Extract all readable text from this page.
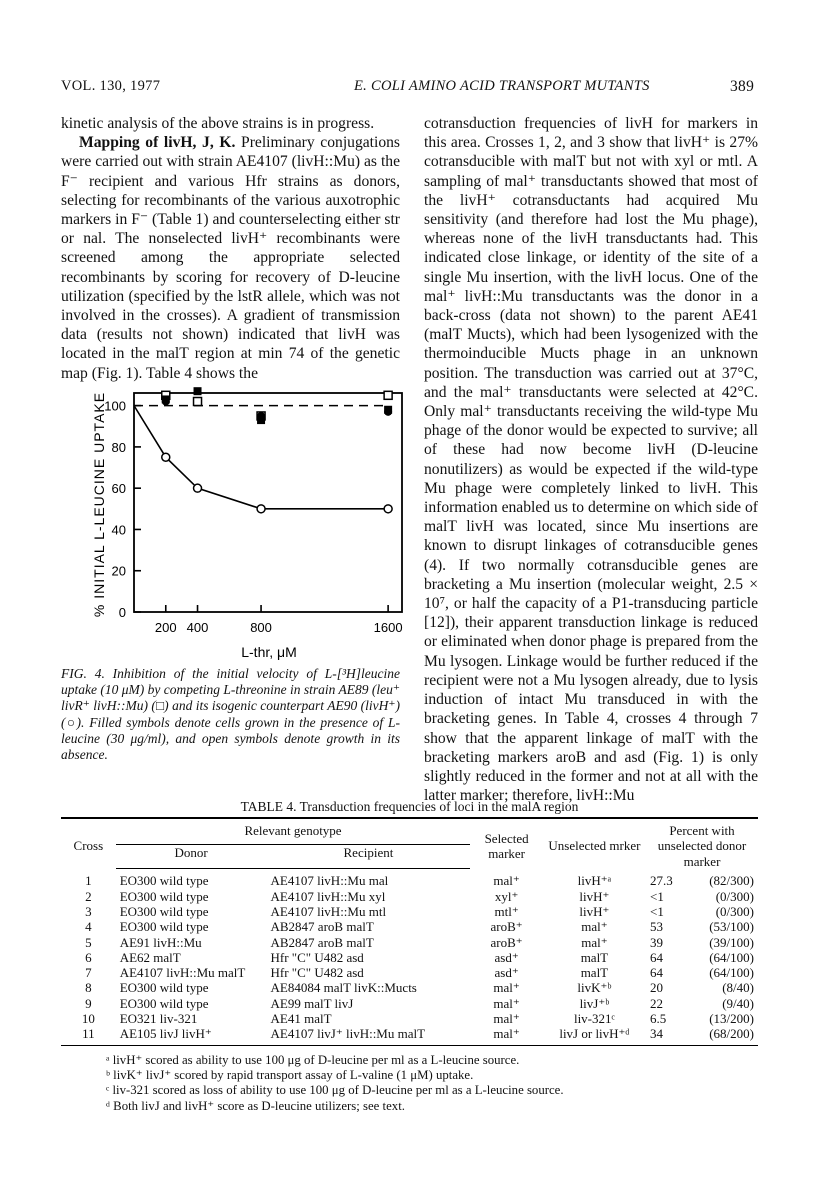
VOL. 130, 1977	E. COLI AMINO ACID TRANSPORT MUTANTS	389

kinetic analysis of the above strains is in progress.

Mapping of livH, J, K. Preliminary conjugations were carried out with strain AE4107 (livH::Mu) as the F⁻ recipient and various Hfr strains as donors, selecting for recombinants of the various auxotrophic markers in F⁻ (Table 1) and counterselecting either str or nal. The nonselected livH⁺ recombinants were screened among the appropriate selected recombinants by scoring for recovery of D-leucine utilization (specified by the lstR allele, which was not involved in the crosses). A gradient of transmission data (results not shown) indicated that livH was located in the malT region at min 74 of the genetic map (Fig. 1). Table 4 shows the

cotransduction frequencies of livH for markers in this area. Crosses 1, 2, and 3 show that livH⁺ is 27% cotransducible with malT but not with xyl or mtl. A sampling of mal⁺ transductants showed that most of the livH⁺ cotransductants had acquired Mu sensitivity (and therefore had lost the Mu phage), whereas none of the livH transductants had. This indicated close linkage, or identity of the site of a single Mu insertion, with the livH locus. One of the mal⁺ livH::Mu transductants was the donor in a back-cross (data not shown) to the parent AE41 (malT Mucts), which had been lysogenized with the thermoinducible Mucts phage in an unknown position. The transduction was carried out at 37°C, and the mal⁺ transductants were selected at 42°C. Only mal⁺ transductants receiving the wild-type Mu phage of the donor would be expected to survive; all of these had now become livH (D-leucine nonutilizers) as would be expected if the wild-type Mu phage were completely linked to livH. This information enabled us to determine on which side of malT livH was located, since Mu insertions are known to disrupt linkages of cotransducible genes (4). If two normally cotransducible genes are bracketing a Mu insertion (molecular weight, 2.5 × 10⁷, or half the capacity of a P1-transducing particle [12]), their apparent transduction linkage is reduced or eliminated when donor phage is prepared from the Mu lysogen. Linkage would be further reduced if the recipient were not a Mu lysogen already, due to lysis induction of intact Mu transduced in with the bracketing genes. In Table 4, crosses 4 through 7 show that the apparent linkage of malT with the bracketing markers aroB and asd (Fig. 1) is only slightly reduced in the former and not at all with the latter marker; therefore, livH::Mu

0
20
40
60
80
100
200 400	800	1600
L-thr, μM
% INITIAL L-LEUCINE UPTAKE
FIG. 4. Inhibition of the initial velocity of L-[³H]leucine uptake (10 μM) by competing L-threonine in strain AE89 (leu⁺ livR⁺ livH::Mu) (□) and its isogenic counterpart AE90 (livH⁺) (○). Filled symbols denote cells grown in the presence of L-leucine (30 μg/ml), and open symbols denote growth in its absence.
TABLE 4. Transduction frequencies of loci in the malA region
Cross	Relevant genotype		Selected marker	Unselected mrker	Percent with unselected donor marker
	Donor	Recipient			
1	EO300 wild type	AE4107 livH::Mu mal	mal⁺	livH⁺ᵃ	27.3 (82/300)

2	EO300 wild type	AE4107 livH::Mu xyl	xyl⁺	livH⁺	<1 (0/300)

3	EO300 wild type	AE4107 livH::Mu mtl	mtl⁺	livH⁺	<1 (0/300)

4	EO300 wild type	AB2847 aroB malT	aroB⁺	mal⁺	53 (53/100)

5	AE91 livH::Mu	AB2847 aroB malT	aroB⁺	mal⁺	39 (39/100)

6	AE62 malT	Hfr "C" U482 asd	asd⁺	malT	64 (64/100)

7	AE4107 livH::Mu malT	Hfr "C" U482 asd	asd⁺	malT	64 (64/100)

8	EO300 wild type	AE84084 malT livK::Mucts	mal⁺	livK⁺ᵇ	20 (8/40)

9	EO300 wild type	AE99 malT livJ	mal⁺	livJ⁺ᵇ	22 (9/40)

10	EO321 liv-321	AE41 malT	mal⁺	liv-321ᶜ	6.5 (13/200)

11	AE105 livJ livH⁺	AE4107 livJ⁺ livH::Mu malT	mal⁺	livJ or livH⁺ᵈ	34 (68/200)
ᵃ livH⁺ scored as ability to use 100 μg of D-leucine per ml as a L-leucine source.
ᵇ livK⁺ livJ⁺ scored by rapid transport assay of L-valine (1 μM) uptake.
ᶜ liv-321 scored as loss of ability to use 100 μg of D-leucine per ml as a L-leucine source.
ᵈ Both livJ and livH⁺ score as D-leucine utilizers; see text.
